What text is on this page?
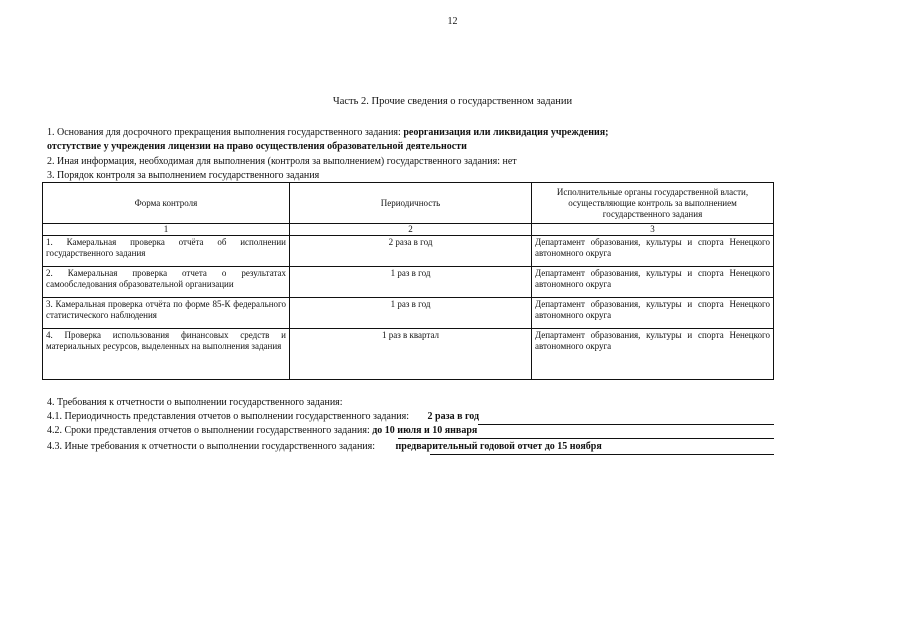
12
Часть 2. Прочие сведения о государственном задании
1. Основания для досрочного прекращения выполнения государственного задания: реорганизация или ликвидация учреждения;
отстутствие у учреждения лицензии на право осуществления образовательной деятельности
2. Иная информация, необходимая для выполнения (контроля за выполнением) государственного задания: нет
3. Порядок контроля за выполнением государственного задания
Форма контроля	Периодичность	Исполнительные органы государственной власти, осуществляющие контроль за выполнением государственного задания
1	2	3
1. Камеральная проверка отчёта об исполнении государственного задания	2 раза в год	Департамент образования, культуры и спорта Ненецкого автономного округа
2. Камеральная проверка отчета о результатах самообследования образовательной организации	1 раз в год	Департамент образования, культуры и спорта Ненецкого автономного округа
3. Камеральная проверка отчёта по форме 85-К федерального статистического наблюдения	1 раз в год	Департамент образования, культуры и спорта Ненецкого автономного округа
4. Проверка использования финансовых средств и материальных ресурсов, выделенных на выполнения задания	1 раз в квартал	Департамент образования, культуры и спорта Ненецкого автономного округа
4. Требования к отчетности о выполнении государственного задания:
4.1. Периодичность представления отчетов о выполнении государственного задания: 2 раза в год
4.2. Сроки представления отчетов о выполнении государственного задания: до 10 июля и 10 января
4.3. Иные требования к отчетности о выполнении государственного задания: предварительный годовой отчет до 15 ноября
